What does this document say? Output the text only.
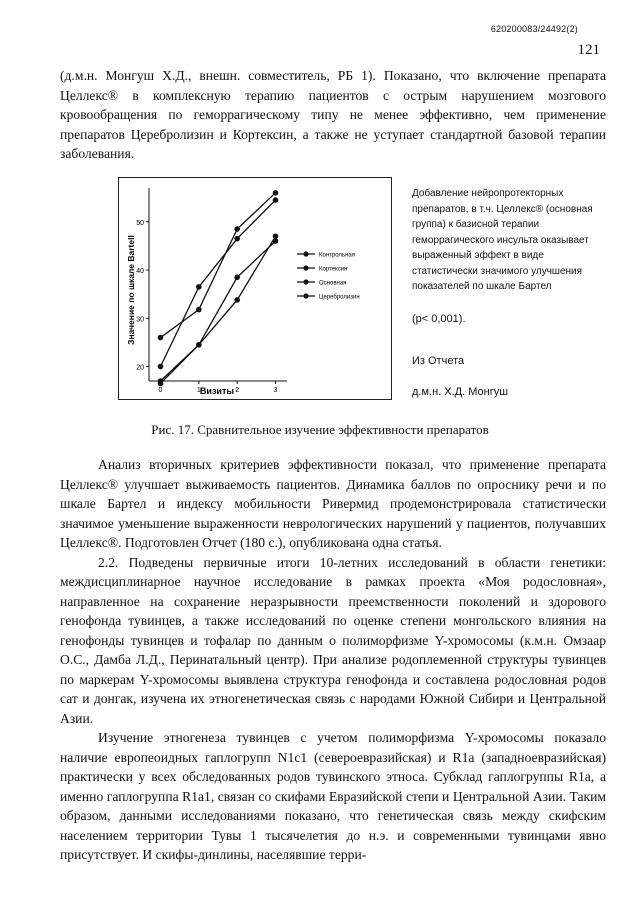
620200083/24492(2)
121

(д.м.н. Монгуш Х.Д., внешн. совместитель, РБ 1). Показано, что включение препарата Целлекс® в комплексную терапию пациентов с острым нарушением мозгового кровообращения по геморрагическому типу не менее эффективно, чем применение препаратов Церебролизин и Кортексин, а также не уступает стандартной базовой терапии заболевания.

20
30
40
50
0	1	2	3
Контрольная
Кортексин
Основная
Церебролизин
Визиты
Значение по шкале Bartell

Добавление нейропротекторных препаратов, в т.ч. Целлекс® (основная группа) к базисной терапии геморрагического инсульта оказывает выраженный эффект в виде статистически значимого улучшения показателей по шкале Бартел

(p< 0,001).
Из Отчета
д.м.н. Х.Д. Монгуш
Рис. 17. Сравнительное изучение эффективности препаратов

Анализ вторичных критериев эффективности показал, что применение препарата Целлекс® улучшает выживаемость пациентов. Динамика баллов по опроснику речи и по шкале Бартел и индексу мобильности Ривермид продемонстрировала статистически значимое уменьшение выраженности неврологических нарушений у пациентов, получавших Целлекс®. Подготовлен Отчет (180 с.), опубликована одна статья.

2.2. Подведены первичные итоги 10-летних исследований в области генетики: междисциплинарное научное исследование в рамках проекта «Моя родословная», направленное на сохранение неразрывности преемственности поколений и здорового генофонда тувинцев, а также исследований по оценке степени монгольского влияния на генофонды тувинцев и тофалар по данным о полиморфизме Y-хромосомы (к.м.н. Омзаар О.С., Дамба Л.Д., Перинатальный центр). При анализе родоплеменной структуры тувинцев по маркерам Y-хромосомы выявлена структура генофонда и составлена родословная родов сат и донгак, изучена их этногенетическая связь с народами Южной Сибири и Центральной Азии.

Изучение этногенеза тувинцев с учетом полиморфизма Y-хромосомы показало наличие европеоидных гаплогрупп N1c1 (североевразийская) и R1a (западноевразийская) практически у всех обследованных родов тувинского этноса. Субклад гаплогруппы R1a, а именно гаплогруппа R1a1, связан со скифами Евразийской степи и Центральной Азии. Таким образом, данными исследованиями показано, что генетическая связь между скифским населением территории Тувы 1 тысячелетия до н.э. и современными тувинцами явно присутствует. И скифы-динлины, населявшие терри-
